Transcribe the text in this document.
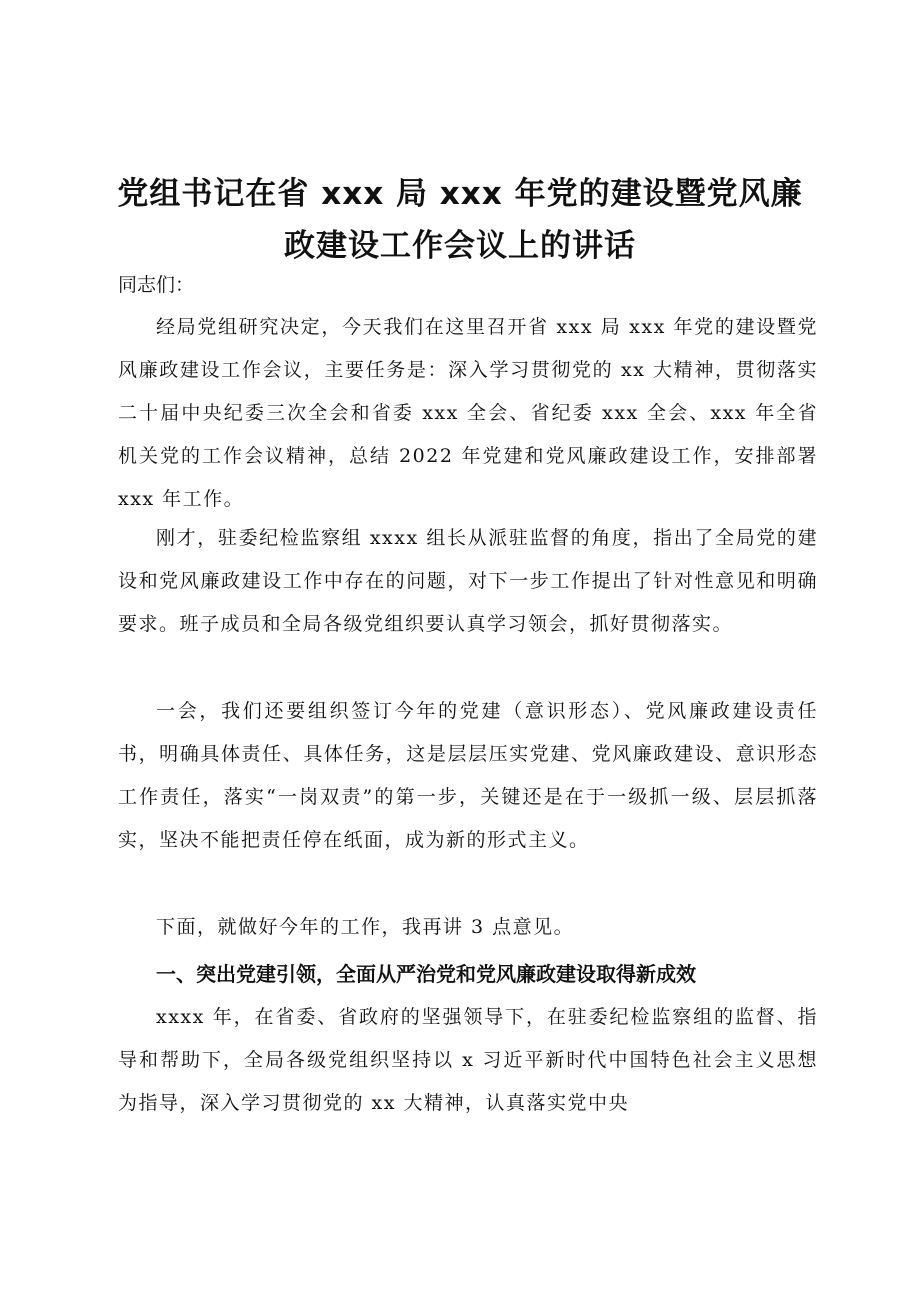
党组书记在省 xxx 局 xxx 年党的建设暨党风廉
政建设工作会议上的讲话

同志们：

经局党组研究决定，今天我们在这里召开省 xxx 局 xxx 年党的建设暨党风廉政建设工作会议，主要任务是：深入学习贯彻党的 xx 大精神，贯彻落实二十届中央纪委三次全会和省委 xxx 全会、省纪委 xxx 全会、xxx 年全省机关党的工作会议精神，总结 2022 年党建和党风廉政建设工作，安排部署 xxx 年工作。

刚才，驻委纪检监察组 xxxx 组长从派驻监督的角度，指出了全局党的建设和党风廉政建设工作中存在的问题，对下一步工作提出了针对性意见和明确要求。班子成员和全局各级党组织要认真学习领会，抓好贯彻落实。

一会，我们还要组织签订今年的党建（意识形态）、党风廉政建设责任书，明确具体责任、具体任务，这是层层压实党建、党风廉政建设、意识形态工作责任，落实“一岗双责”的第一步，关键还是在于一级抓一级、层层抓落实，坚决不能把责任停在纸面，成为新的形式主义。

下面，就做好今年的工作，我再讲 3 点意见。

一、突出党建引领，全面从严治党和党风廉政建设取得新成效

xxxx 年，在省委、省政府的坚强领导下，在驻委纪检监察组的监督、指导和帮助下，全局各级党组织坚持以 x 习近平新时代中国特色社会主义思想为指导，深入学习贯彻党的 xx 大精神，认真落实党中央
